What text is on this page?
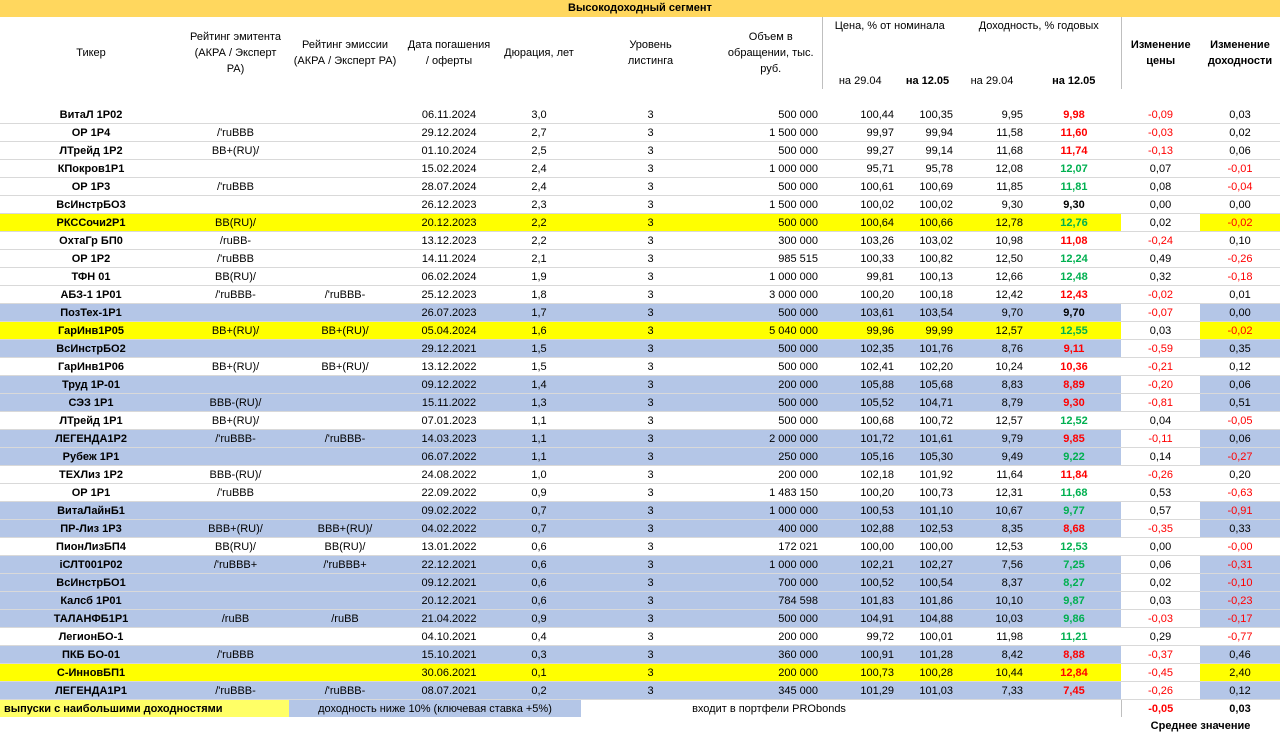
Высокодоходный сегмент
Тикер	Рейтинг эмитента (АКРА / Эксперт РА)	Рейтинг эмиссии (АКРА / Эксперт РА)	Дата погашения / оферты	Дюрация, лет	Уровень листинга	Объем в обращении, тыс. руб.	Цена, % от номинала		Доходность, % годовых		Изменение цены	Изменение доходности
							на 29.04	на 12.05	на 29.04	на 12.05		

ВитаЛ 1Р02			06.11.2024	3,0	3	500 000	100,44	100,35	9,95	9,98	-0,09	0,03
ОР 1Р4	/'ruBBB		29.12.2024	2,7	3	1 500 000	99,97	99,94	11,58	11,60	-0,03	0,02
ЛТрейд 1Р2	BB+(RU)/		01.10.2024	2,5	3	500 000	99,27	99,14	11,68	11,74	-0,13	0,06
КПокров1Р1			15.02.2024	2,4	3	1 000 000	95,71	95,78	12,08	12,07	0,07	-0,01
ОР 1Р3	/'ruBBB		28.07.2024	2,4	3	500 000	100,61	100,69	11,85	11,81	0,08	-0,04
ВсИнстрБО3			26.12.2023	2,3	3	1 500 000	100,02	100,02	9,30	9,30	0,00	0,00
РКССочи2Р1	BB(RU)/		20.12.2023	2,2	3	500 000	100,64	100,66	12,78	12,76	0,02	-0,02
ОхтаГр БП0	/ruBB-		13.12.2023	2,2	3	300 000	103,26	103,02	10,98	11,08	-0,24	0,10
ОР 1Р2	/'ruBBB		14.11.2024	2,1	3	985 515	100,33	100,82	12,50	12,24	0,49	-0,26
ТФН 01	BB(RU)/		06.02.2024	1,9	3	1 000 000	99,81	100,13	12,66	12,48	0,32	-0,18
АБЗ-1 1Р01	/'ruBBB-	/'ruBBB-	25.12.2023	1,8	3	3 000 000	100,20	100,18	12,42	12,43	-0,02	0,01
ПозТех-1Р1			26.07.2023	1,7	3	500 000	103,61	103,54	9,70	9,70	-0,07	0,00
ГарИнв1Р05	BB+(RU)/	BB+(RU)/	05.04.2024	1,6	3	5 040 000	99,96	99,99	12,57	12,55	0,03	-0,02
ВсИнстрБО2			29.12.2021	1,5	3	500 000	102,35	101,76	8,76	9,11	-0,59	0,35
ГарИнв1Р06	BB+(RU)/	BB+(RU)/	13.12.2022	1,5	3	500 000	102,41	102,20	10,24	10,36	-0,21	0,12
Труд 1Р-01			09.12.2022	1,4	3	200 000	105,88	105,68	8,83	8,89	-0,20	0,06
СЭЗ 1Р1	BBB-(RU)/		15.11.2022	1,3	3	500 000	105,52	104,71	8,79	9,30	-0,81	0,51
ЛТрейд 1Р1	BB+(RU)/		07.01.2023	1,1	3	500 000	100,68	100,72	12,57	12,52	0,04	-0,05
ЛЕГЕНДА1Р2	/'ruBBB-	/'ruBBB-	14.03.2023	1,1	3	2 000 000	101,72	101,61	9,79	9,85	-0,11	0,06
Рубеж 1Р1			06.07.2022	1,1	3	250 000	105,16	105,30	9,49	9,22	0,14	-0,27
ТЕХЛиз 1Р2	BBB-(RU)/		24.08.2022	1,0	3	200 000	102,18	101,92	11,64	11,84	-0,26	0,20
ОР 1Р1	/'ruBBB		22.09.2022	0,9	3	1 483 150	100,20	100,73	12,31	11,68	0,53	-0,63
ВитаЛайнБ1			09.02.2022	0,7	3	1 000 000	100,53	101,10	10,67	9,77	0,57	-0,91
ПР-Лиз 1Р3	BBB+(RU)/	BBB+(RU)/	04.02.2022	0,7	3	400 000	102,88	102,53	8,35	8,68	-0,35	0,33
ПионЛизБП4	BB(RU)/	BB(RU)/	13.01.2022	0,6	3	172 021	100,00	100,00	12,53	12,53	0,00	-0,00
iСЛТ001Р02	/'ruBBB+	/'ruBBB+	22.12.2021	0,6	3	1 000 000	102,21	102,27	7,56	7,25	0,06	-0,31
ВсИнстрБО1			09.12.2021	0,6	3	700 000	100,52	100,54	8,37	8,27	0,02	-0,10
Калсб 1Р01			20.12.2021	0,6	3	784 598	101,83	101,86	10,10	9,87	0,03	-0,23
ТАЛАНФБ1Р1	/ruBB	/ruBB	21.04.2022	0,9	3	500 000	104,91	104,88	10,03	9,86	-0,03	-0,17
ЛегионБО-1			04.10.2021	0,4	3	200 000	99,72	100,01	11,98	11,21	0,29	-0,77
ПКБ БО-01	/'ruBBB		15.10.2021	0,3	3	360 000	100,91	101,28	8,42	8,88	-0,37	0,46
С-ИнновБП1			30.06.2021	0,1	3	200 000	100,73	100,28	10,44	12,84	-0,45	2,40
ЛЕГЕНДА1Р1	/'ruBBB-	/'ruBBB-	08.07.2021	0,2	3	345 000	101,29	101,03	7,33	7,45	-0,26	0,12
выпуски с наибольшими доходностями		доходность ниже 10% (ключевая ставка +5%)			входит в портфели PRObonds						-0,05	0,03
											Среднее значение	
